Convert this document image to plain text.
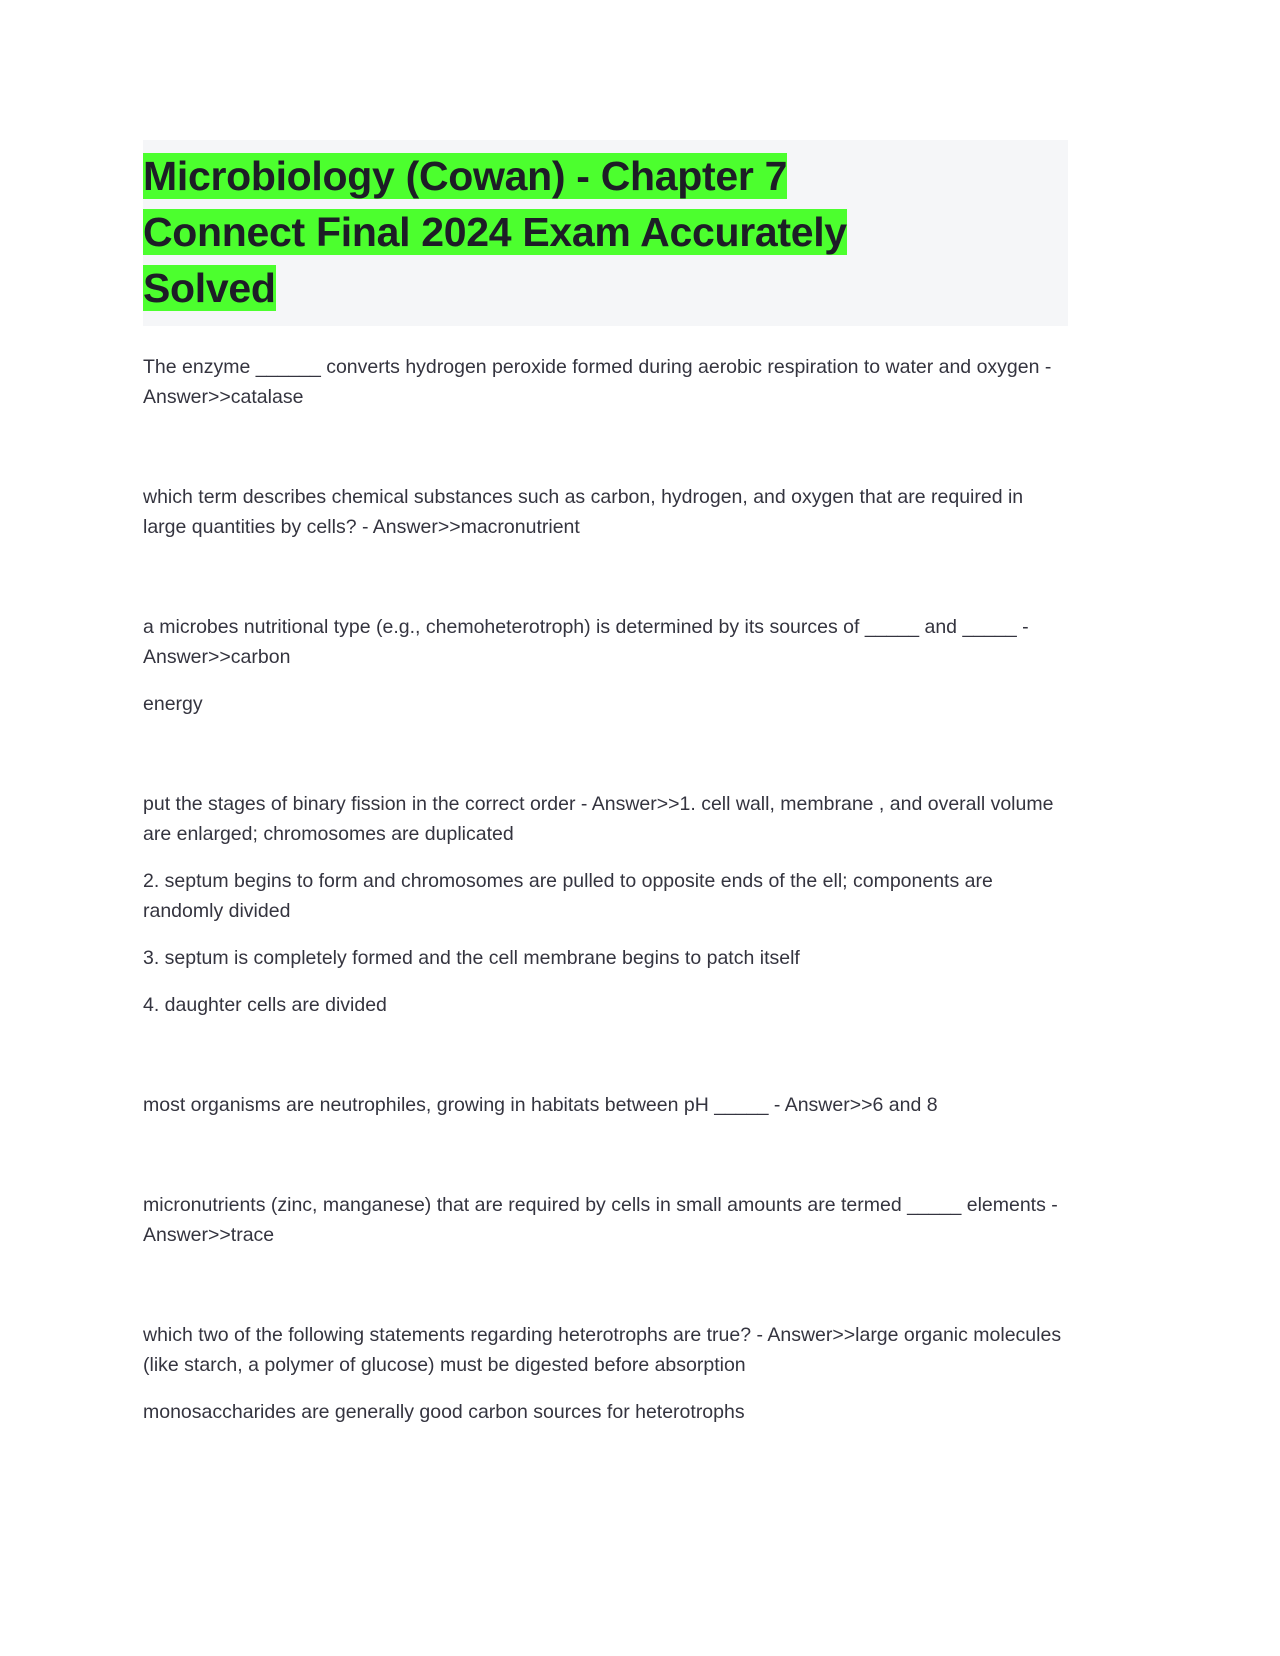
Microbiology (Cowan) - Chapter 7
Connect Final 2024 Exam Accurately
Solved

The enzyme ______ converts hydrogen peroxide formed during aerobic respiration to water and oxygen - Answer>>catalase

which term describes chemical substances such as carbon, hydrogen, and oxygen that are required in large quantities by cells? - Answer>>macronutrient

a microbes nutritional type (e.g., chemoheterotroph) is determined by its sources of _____ and _____ - Answer>>carbon

energy

put the stages of binary fission in the correct order - Answer>>1. cell wall, membrane , and overall volume are enlarged; chromosomes are duplicated

2. septum begins to form and chromosomes are pulled to opposite ends of the ell; components are randomly divided

3. septum is completely formed and the cell membrane begins to patch itself

4. daughter cells are divided

most organisms are neutrophiles, growing in habitats between pH _____ - Answer>>6 and 8

micronutrients (zinc, manganese) that are required by cells in small amounts are termed _____ elements - Answer>>trace

which two of the following statements regarding heterotrophs are true? - Answer>>large organic molecules (like starch, a polymer of glucose) must be digested before absorption

monosaccharides are generally good carbon sources for heterotrophs
